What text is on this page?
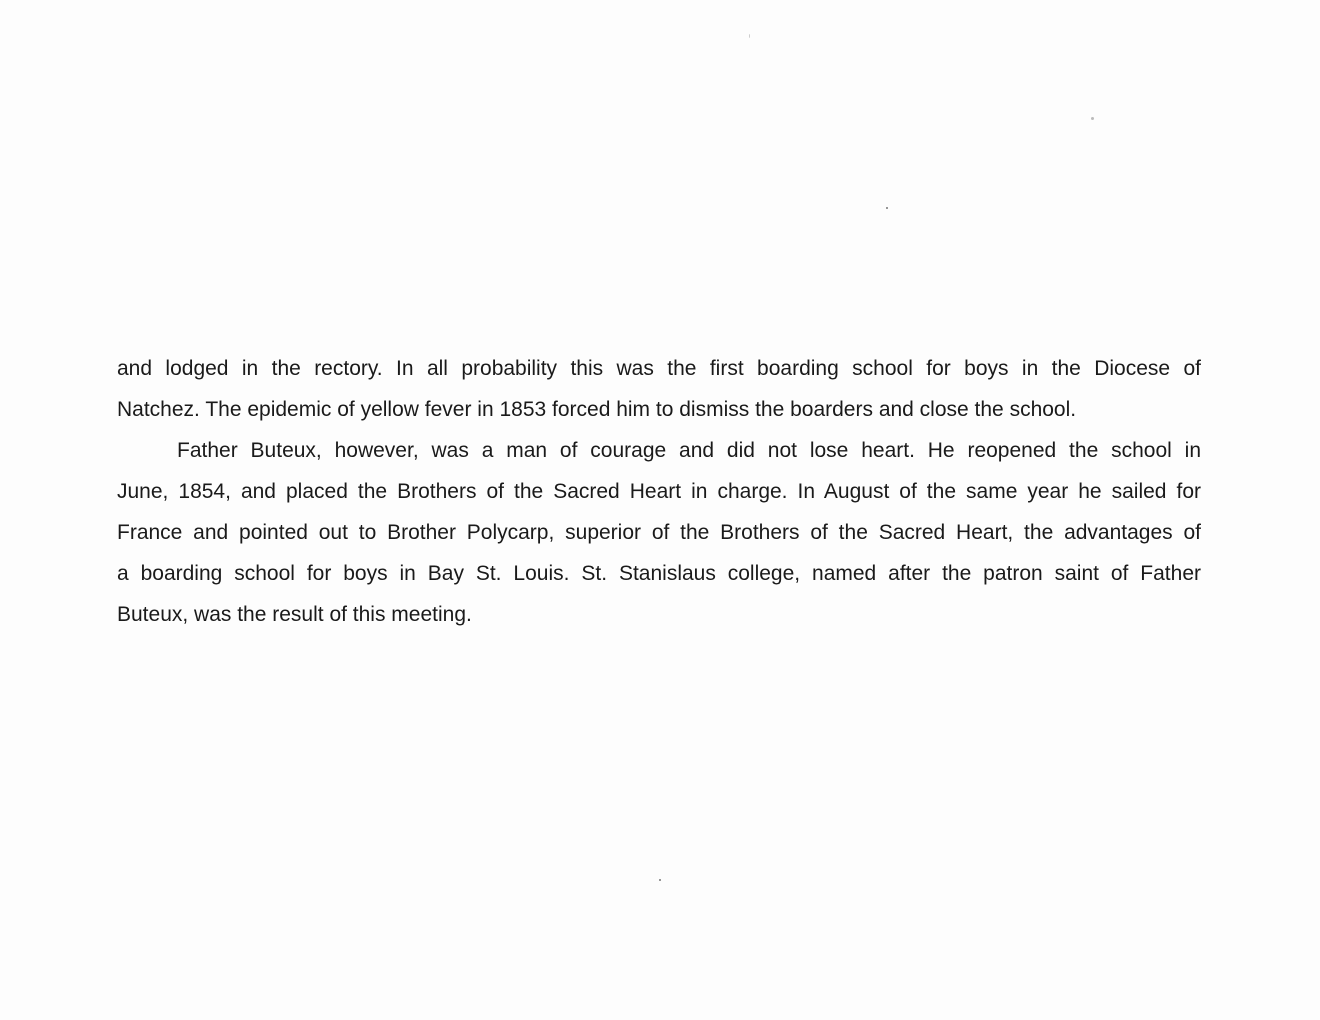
and lodged in the rectory. In all probability this was the first boarding school for boys in the Diocese of
Natchez. The epidemic of yellow fever in 1853 forced him to dismiss the boarders and close the school.
Father Buteux, however, was a man of courage and did not lose heart. He reopened the school in
June, 1854, and placed the Brothers of the Sacred Heart in charge. In August of the same year he sailed for
France and pointed out to Brother Polycarp, superior of the Brothers of the Sacred Heart, the advantages of
a boarding school for boys in Bay St. Louis. St. Stanislaus college, named after the patron saint of Father
Buteux, was the result of this meeting.
